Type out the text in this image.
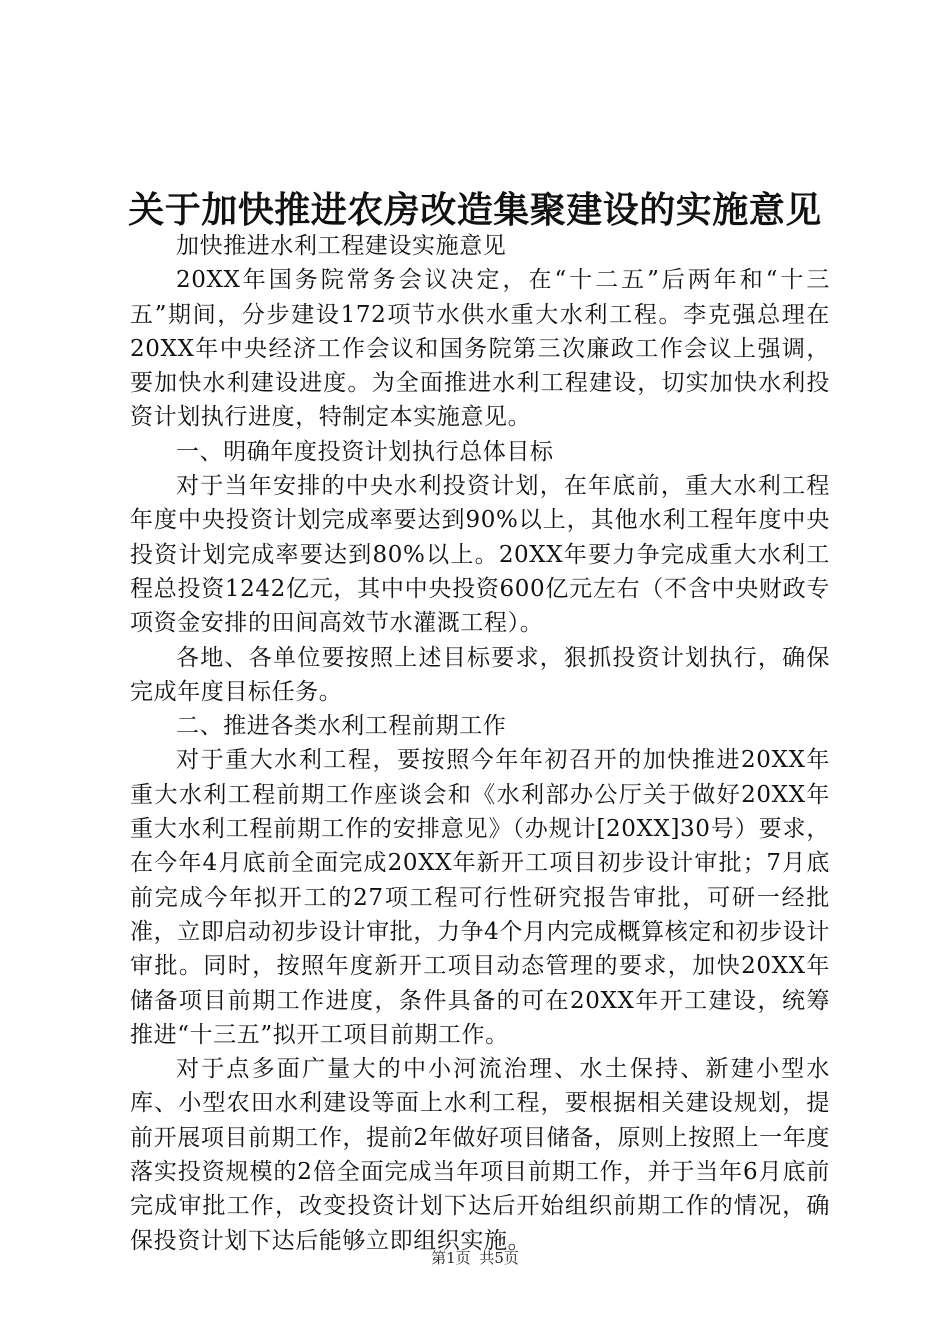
关于加快推进农房改造集聚建设的实施意见

加快推进水利工程建设实施意见

20XX年国务院常务会议决定，在“十二五”后两年和“十三五”期间，分步建设172项节水供水重大水利工程。李克强总理在20XX年中央经济工作会议和国务院第三次廉政工作会议上强调，要加快水利建设进度。为全面推进水利工程建设，切实加快水利投资计划执行进度，特制定本实施意见。

一、明确年度投资计划执行总体目标

对于当年安排的中央水利投资计划，在年底前，重大水利工程年度中央投资计划完成率要达到90%以上，其他水利工程年度中央投资计划完成率要达到80%以上。20XX年要力争完成重大水利工程总投资1242亿元，其中中央投资600亿元左右（不含中央财政专项资金安排的田间高效节水灌溉工程）。

各地、各单位要按照上述目标要求，狠抓投资计划执行，确保完成年度目标任务。

二、推进各类水利工程前期工作

对于重大水利工程，要按照今年年初召开的加快推进20XX年重大水利工程前期工作座谈会和《水利部办公厅关于做好20XX年重大水利工程前期工作的安排意见》（办规计[20XX]30号）要求，在今年4月底前全面完成20XX年新开工项目初步设计审批；7月底前完成今年拟开工的27项工程可行性研究报告审批，可研一经批准，立即启动初步设计审批，力争4个月内完成概算核定和初步设计审批。同时，按照年度新开工项目动态管理的要求，加快20XX年储备项目前期工作进度，条件具备的可在20XX年开工建设，统筹推进“十三五”拟开工项目前期工作。

对于点多面广量大的中小河流治理、水土保持、新建小型水库、小型农田水利建设等面上水利工程，要根据相关建设规划，提前开展项目前期工作，提前2年做好项目储备，原则上按照上一年度落实投资规模的2倍全面完成当年项目前期工作，并于当年6月底前完成审批工作，改变投资计划下达后开始组织前期工作的情况，确保投资计划下达后能够立即组织实施。

第1页 共5页
